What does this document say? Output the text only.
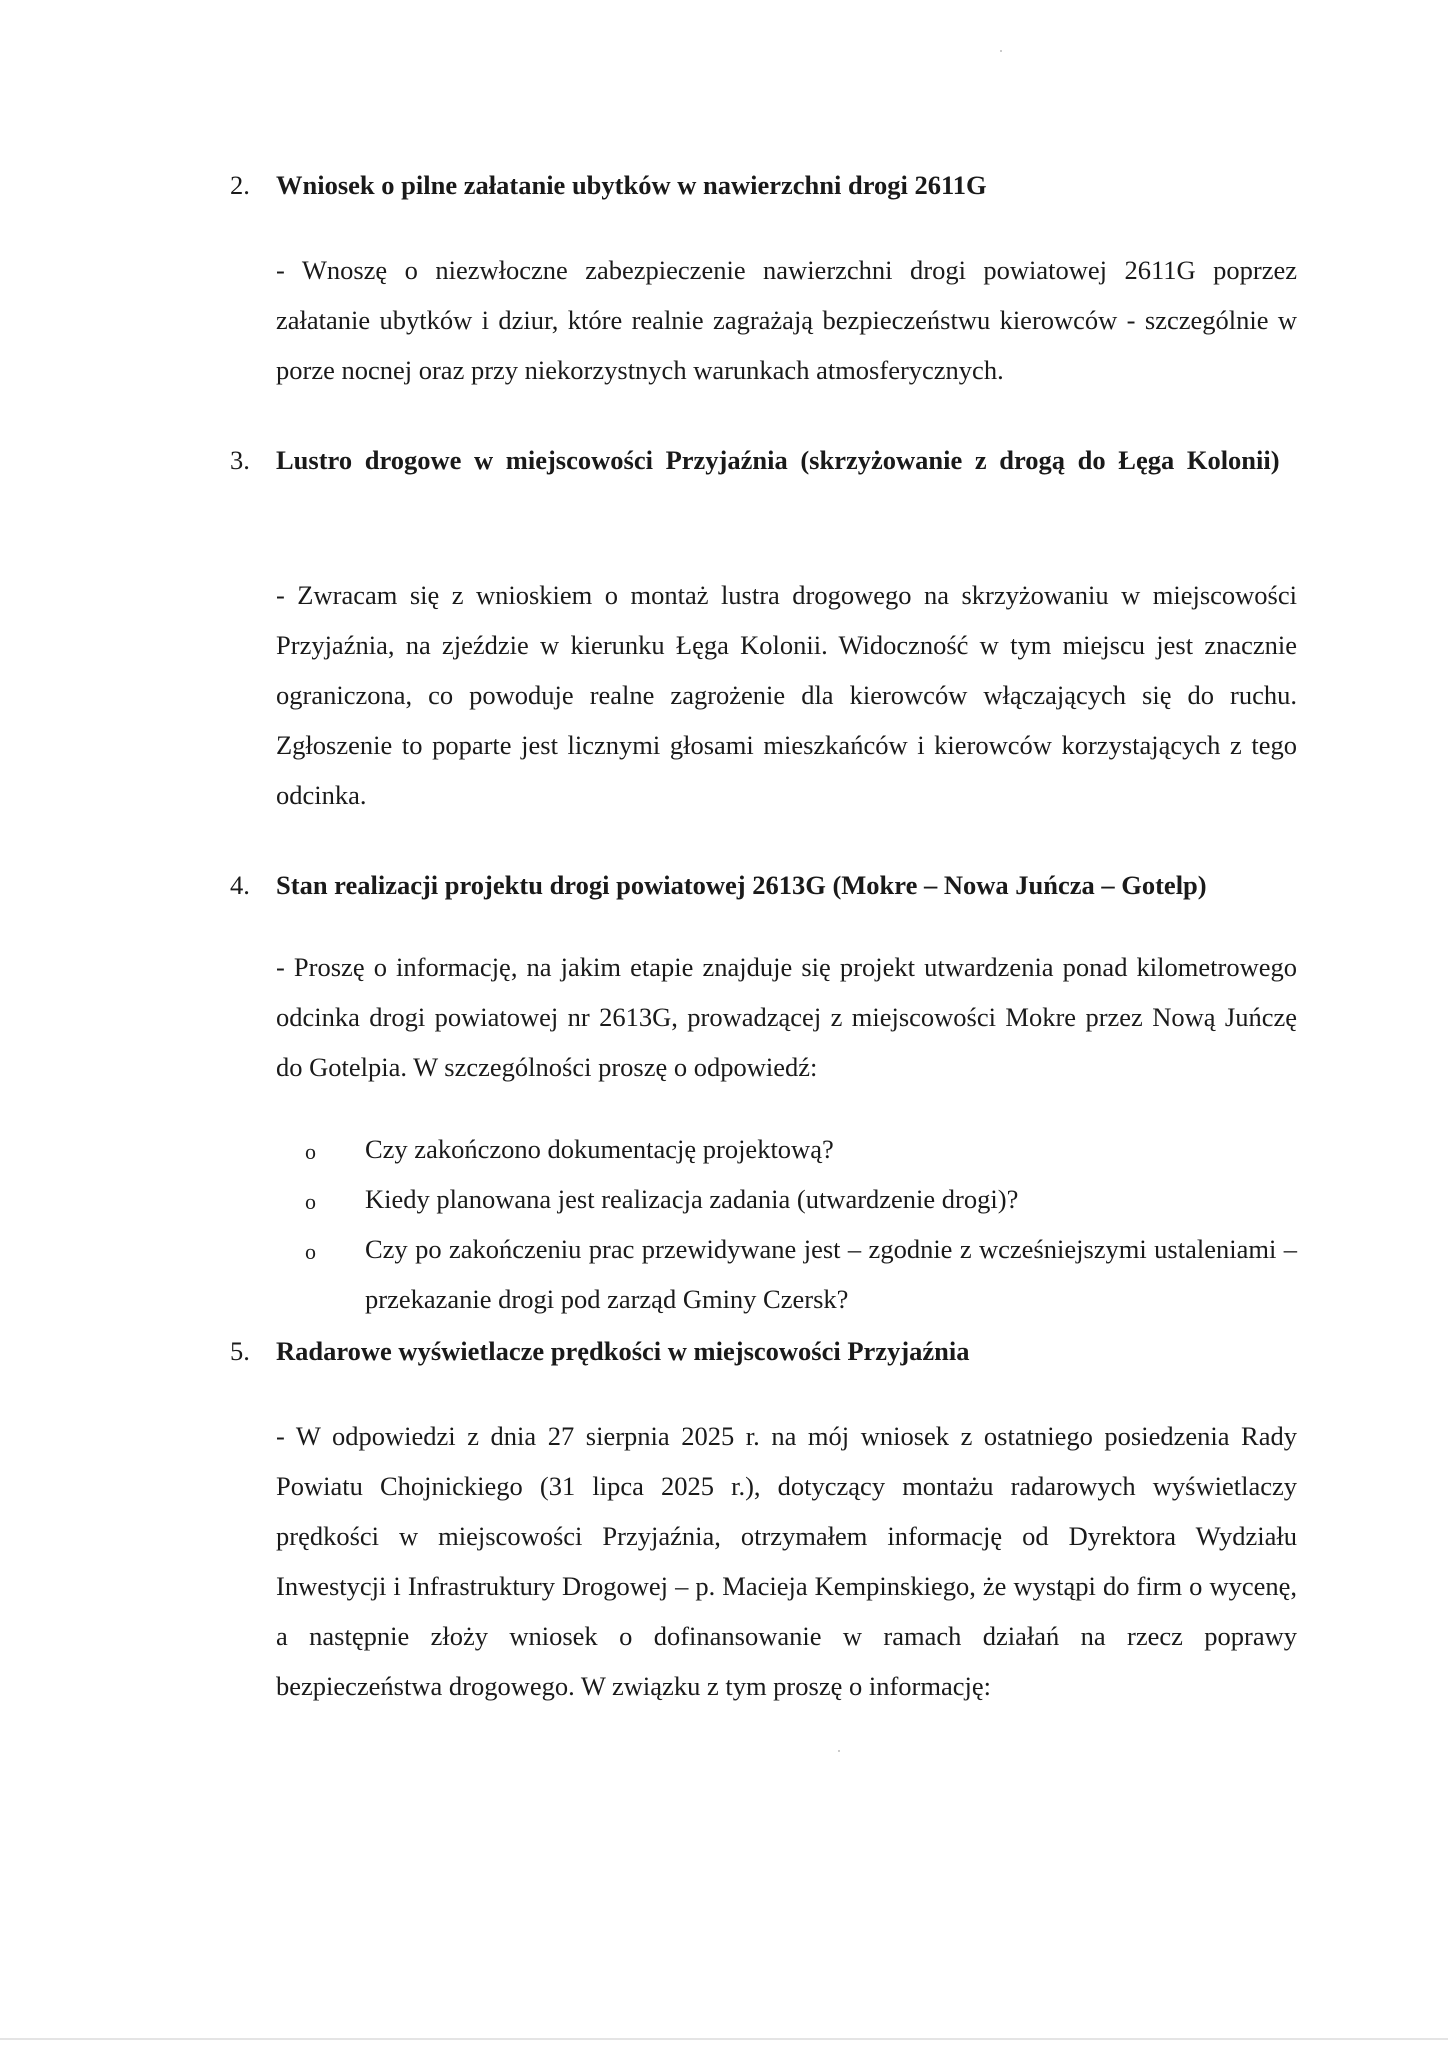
2. Wniosek o pilne załatanie ubytków w nawierzchni drogi 2611G

- Wnoszę o niezwłoczne zabezpieczenie nawierzchni drogi powiatowej 2611G poprzez załatanie ubytków i dziur, które realnie zagrażają bezpieczeństwu kierowców - szczególnie w porze nocnej oraz przy niekorzystnych warunkach atmosferycznych.

3. Lustro drogowe w miejscowości Przyjaźnia (skrzyżowanie z drogą do Łęga Kolonii)

- Zwracam się z wnioskiem o montaż lustra drogowego na skrzyżowaniu w miejscowości Przyjaźnia, na zjeździe w kierunku Łęga Kolonii. Widoczność w tym miejscu jest znacznie ograniczona, co powoduje realne zagrożenie dla kierowców włączających się do ruchu. Zgłoszenie to poparte jest licznymi głosami mieszkańców i kierowców korzystających z tego odcinka.

4. Stan realizacji projektu drogi powiatowej 2613G (Mokre – Nowa Juńcza – Gotelp)

- Proszę o informację, na jakim etapie znajduje się projekt utwardzenia ponad kilometrowego odcinka drogi powiatowej nr 2613G, prowadzącej z miejscowości Mokre przez Nową Juńczę do Gotelpia. W szczególności proszę o odpowiedź:

o Czy zakończono dokumentację projektową?
o Kiedy planowana jest realizacja zadania (utwardzenie drogi)?
o Czy po zakończeniu prac przewidywane jest – zgodnie z wcześniejszymi ustaleniami – przekazanie drogi pod zarząd Gminy Czersk?
5. Radarowe wyświetlacze prędkości w miejscowości Przyjaźnia

- W odpowiedzi z dnia 27 sierpnia 2025 r. na mój wniosek z ostatniego posiedzenia Rady Powiatu Chojnickiego (31 lipca 2025 r.), dotyczący montażu radarowych wyświetlaczy prędkości w miejscowości Przyjaźnia, otrzymałem informację od Dyrektora Wydziału Inwestycji i Infrastruktury Drogowej – p. Macieja Kempinskiego, że wystąpi do firm o wycenę, a następnie złoży wniosek o dofinansowanie w ramach działań na rzecz poprawy bezpieczeństwa drogowego. W związku z tym proszę o informację:
